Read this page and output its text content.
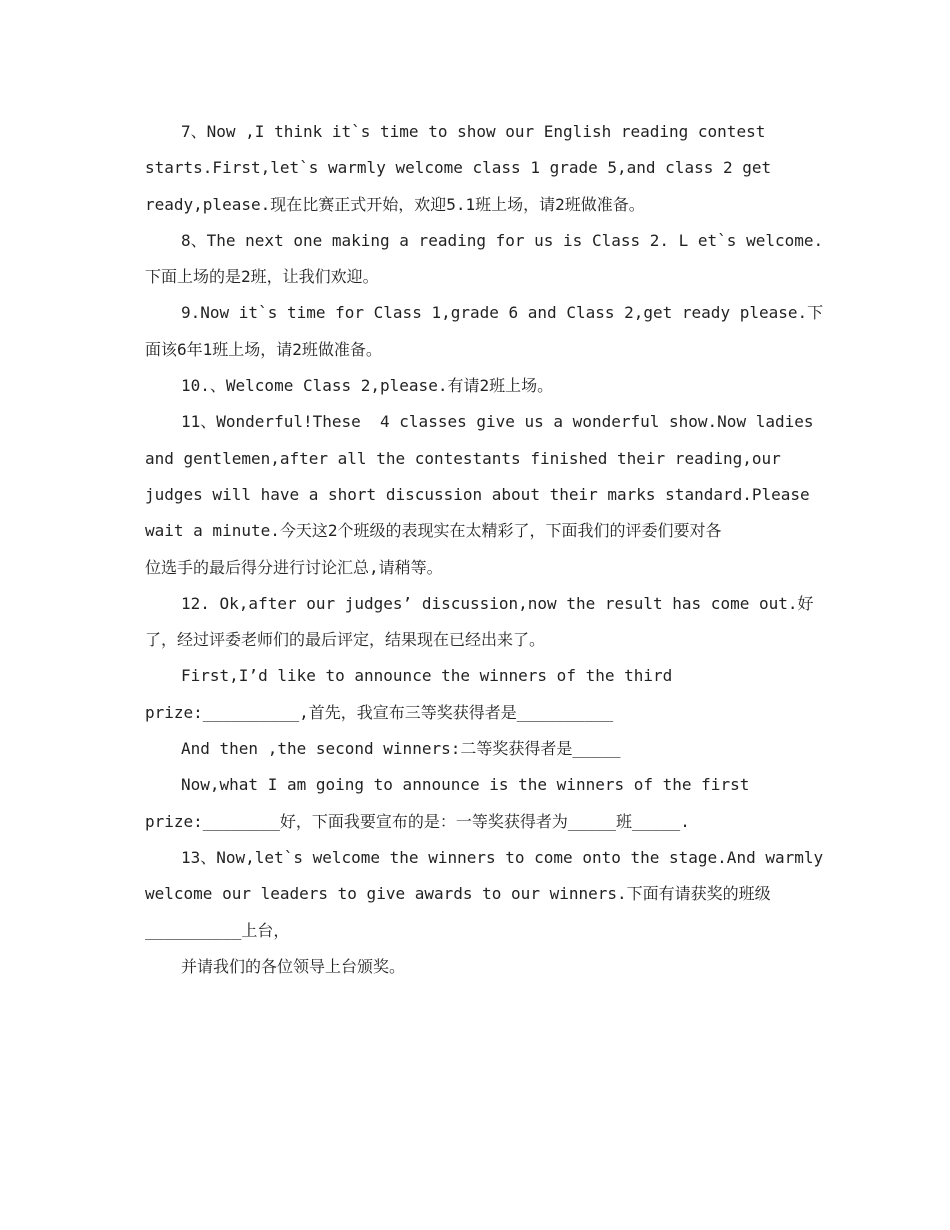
7、Now ,I think it`s time to show our English reading contest
starts.First,let`s warmly welcome class 1 grade 5,and class 2 get
ready,please.现在比赛正式开始，欢迎5.1班上场，请2班做准备。
8、The next one making a reading for us is Class 2. L et`s welcome.
下面上场的是2班，让我们欢迎。
9.Now it`s time for Class 1,grade 6 and Class 2,get ready please.下
面该6年1班上场，请2班做准备。
10.、Welcome Class 2,please.有请2班上场。
11、Wonderful!These  4 classes give us a wonderful show.Now ladies
and gentlemen,after all the contestants finished their reading,our
judges will have a short discussion about their marks standard.Please
wait a minute.今天这2个班级的表现实在太精彩了，下面我们的评委们要对各
位选手的最后得分进行讨论汇总,请稍等。
12. Ok,after our judges’ discussion,now the result has come out.好
了，经过评委老师们的最后评定，结果现在已经出来了。
First,I’d like to announce the winners of the third
prize:__________,首先，我宣布三等奖获得者是__________
And then ,the second winners:二等奖获得者是_____
Now,what I am going to announce is the winners of the first
prize:________好，下面我要宣布的是：一等奖获得者为_____班_____.
13、Now,let`s welcome the winners to come onto the stage.And warmly
welcome our leaders to give awards to our winners.下面有请获奖的班级
__________上台，
并请我们的各位领导上台颁奖。
